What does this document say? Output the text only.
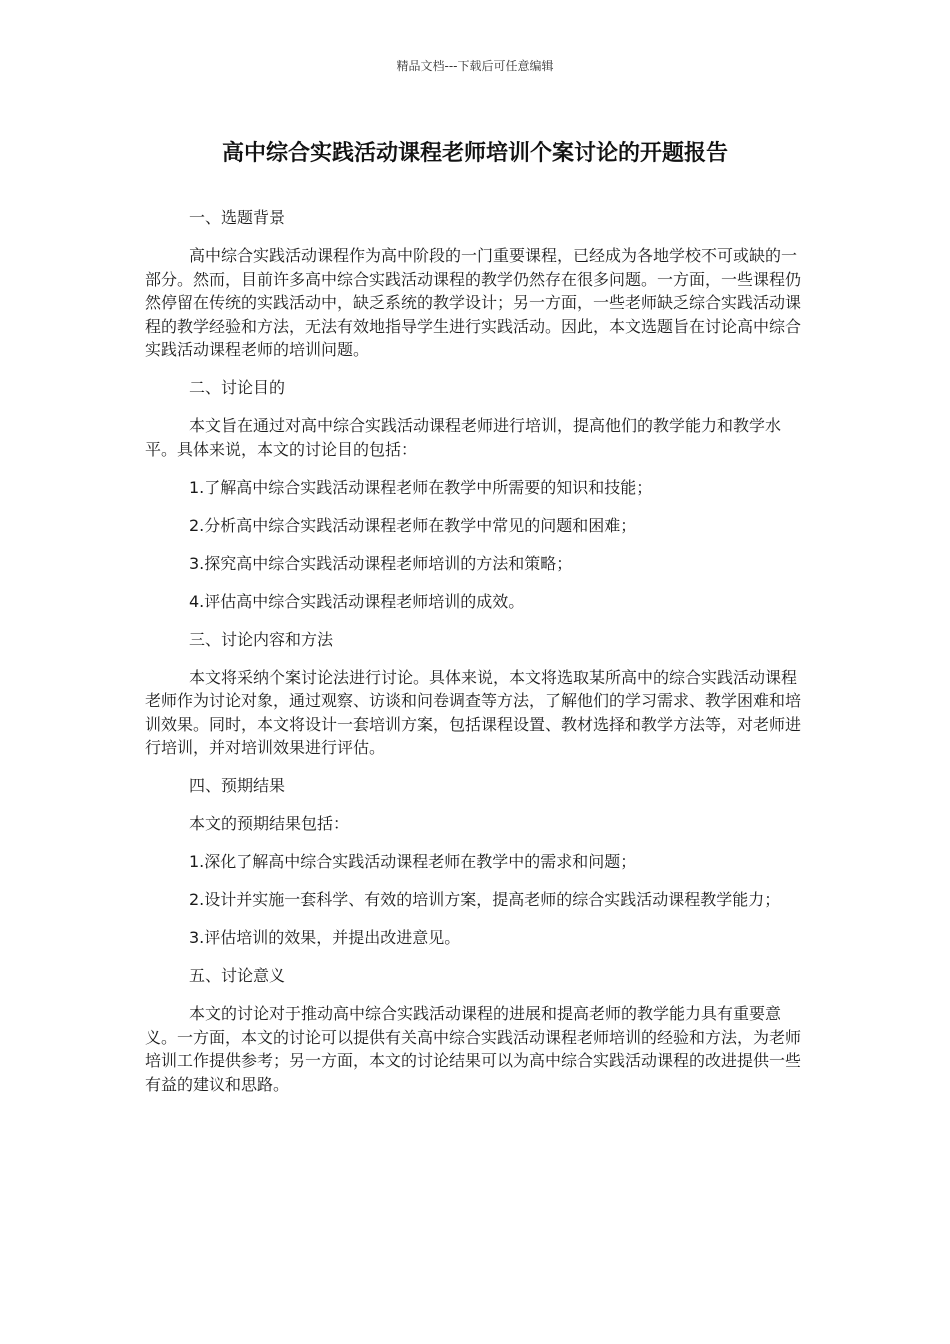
精品文档---下载后可任意编辑
高中综合实践活动课程老师培训个案讨论的开题报告

一、选题背景

高中综合实践活动课程作为高中阶段的一门重要课程，已经成为各地学校不可或缺的一部分。然而，目前许多高中综合实践活动课程的教学仍然存在很多问题。一方面，一些课程仍然停留在传统的实践活动中，缺乏系统的教学设计；另一方面，一些老师缺乏综合实践活动课程的教学经验和方法，无法有效地指导学生进行实践活动。因此，本文选题旨在讨论高中综合实践活动课程老师的培训问题。

二、讨论目的

本文旨在通过对高中综合实践活动课程老师进行培训，提高他们的教学能力和教学水平。具体来说，本文的讨论目的包括：

1.了解高中综合实践活动课程老师在教学中所需要的知识和技能；

2.分析高中综合实践活动课程老师在教学中常见的问题和困难；

3.探究高中综合实践活动课程老师培训的方法和策略；

4.评估高中综合实践活动课程老师培训的成效。

三、讨论内容和方法

本文将采纳个案讨论法进行讨论。具体来说，本文将选取某所高中的综合实践活动课程老师作为讨论对象，通过观察、访谈和问卷调查等方法，了解他们的学习需求、教学困难和培训效果。同时，本文将设计一套培训方案，包括课程设置、教材选择和教学方法等，对老师进行培训，并对培训效果进行评估。

四、预期结果

本文的预期结果包括：

1.深化了解高中综合实践活动课程老师在教学中的需求和问题；

2.设计并实施一套科学、有效的培训方案，提高老师的综合实践活动课程教学能力；

3.评估培训的效果，并提出改进意见。

五、讨论意义

本文的讨论对于推动高中综合实践活动课程的进展和提高老师的教学能力具有重要意义。一方面，本文的讨论可以提供有关高中综合实践活动课程老师培训的经验和方法，为老师培训工作提供参考；另一方面，本文的讨论结果可以为高中综合实践活动课程的改进提供一些有益的建议和思路。
